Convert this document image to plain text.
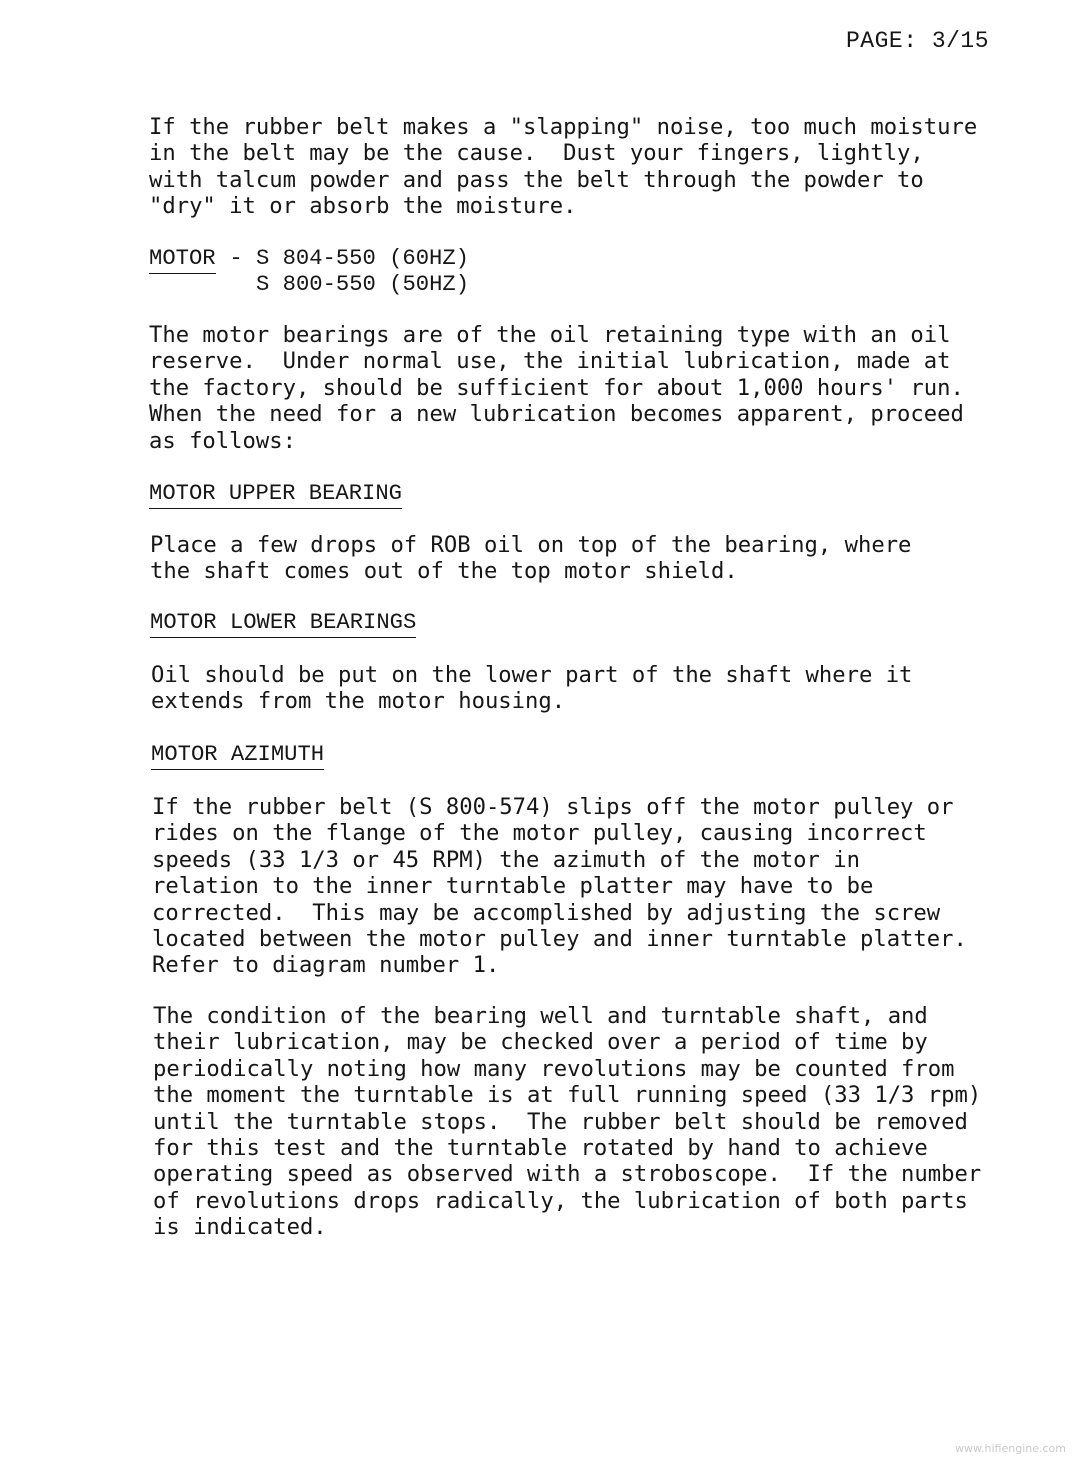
PAGE: 3/15
If the rubber belt makes a "slapping" noise, too much moisture
in the belt may be the cause.  Dust your fingers, lightly,
with talcum powder and pass the belt through the powder to
"dry" it or absorb the moisture.
MOTOR - S 804-550 (60HZ)
S 800-550 (50HZ)
The motor bearings are of the oil retaining type with an oil
reserve.  Under normal use, the initial lubrication, made at
the factory, should be sufficient for about 1,000 hours' run.
When the need for a new lubrication becomes apparent, proceed
as follows:
MOTOR UPPER BEARING
Place a few drops of ROB oil on top of the bearing, where
the shaft comes out of the top motor shield.
MOTOR LOWER BEARINGS
Oil should be put on the lower part of the shaft where it
extends from the motor housing.
MOTOR AZIMUTH
If the rubber belt (S 800-574) slips off the motor pulley or
rides on the flange of the motor pulley, causing incorrect
speeds (33 1/3 or 45 RPM) the azimuth of the motor in
relation to the inner turntable platter may have to be
corrected.  This may be accomplished by adjusting the screw
located between the motor pulley and inner turntable platter.
Refer to diagram number 1.
The condition of the bearing well and turntable shaft, and
their lubrication, may be checked over a period of time by
periodically noting how many revolutions may be counted from
the moment the turntable is at full running speed (33 1/3 rpm)
until the turntable stops.  The rubber belt should be removed
for this test and the turntable rotated by hand to achieve
operating speed as observed with a stroboscope.  If the number
of revolutions drops radically, the lubrication of both parts
is indicated.
www.hifiengine.com
